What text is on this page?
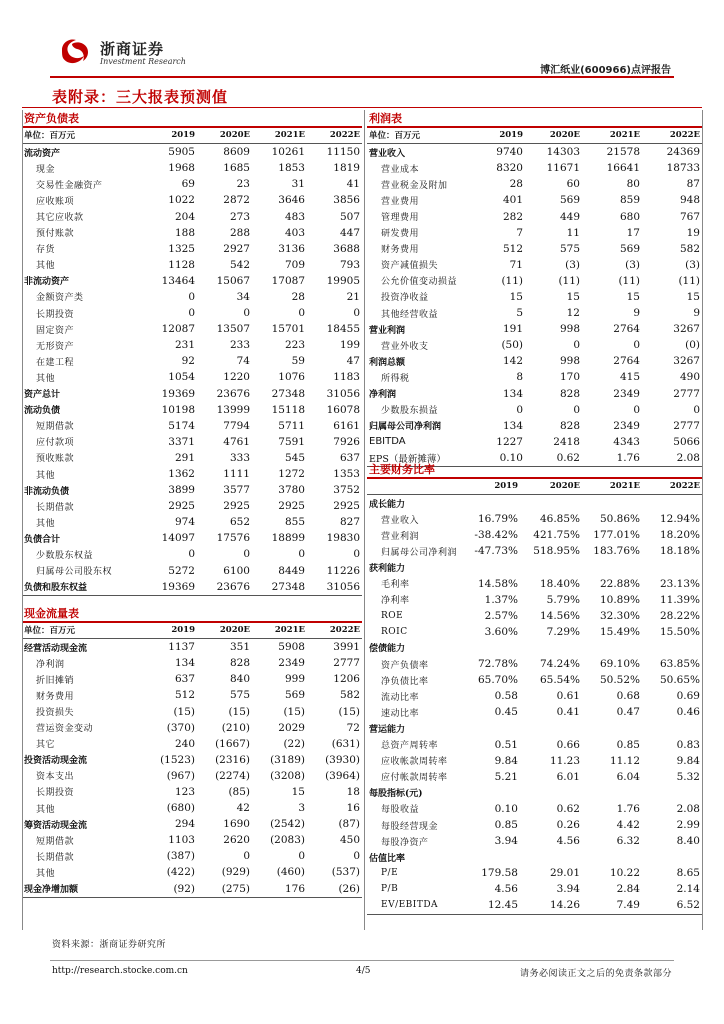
浙商证券
Investment Research
博汇纸业(600966)点评报告
表附录：三大报表预测值
资产负债表
单位：百万元	2019	2020E	2021E	2022E
流动资产	5905	8609	10261	11150
现金	1968	1685	1853	1819
交易性金融资产	69	23	31	41
应收账项	1022	2872	3646	3856
其它应收款	204	273	483	507
预付账款	188	288	403	447
存货	1325	2927	3136	3688
其他	1128	542	709	793
非流动资产	13464	15067	17087	19905
金额资产类	0	34	28	21
长期投资	0	0	0	0
固定资产	12087	13507	15701	18455
无形资产	231	233	223	199
在建工程	92	74	59	47
其他	1054	1220	1076	1183
资产总计	19369	23676	27348	31056
流动负债	10198	13999	15118	16078
短期借款	5174	7794	5711	6161
应付款项	3371	4761	7591	7926
预收账款	291	333	545	637
其他	1362	1111	1272	1353
非流动负债	3899	3577	3780	3752
长期借款	2925	2925	2925	2925
其他	974	652	855	827
负债合计	14097	17576	18899	19830
少数股东权益	0	0	0	0
归属母公司股东权	5272	6100	8449	11226
负债和股东权益	19369	23676	27348	31056
现金流量表
单位：百万元	2019	2020E	2021E	2022E
经营活动现金流	1137	351	5908	3991
净利润	134	828	2349	2777
折旧摊销	637	840	999	1206
财务费用	512	575	569	582
投资损失	(15)	(15)	(15)	(15)
营运资金变动	(370)	(210)	2029	72
其它	240	(1667)	(22)	(631)
投资活动现金流	(1523)	(2316)	(3189)	(3930)
资本支出	(967)	(2274)	(3208)	(3964)
长期投资	123	(85)	15	18
其他	(680)	42	3	16
筹资活动现金流	294	1690	(2542)	(87)
短期借款	1103	2620	(2083)	450
长期借款	(387)	0	0	0
其他	(422)	(929)	(460)	(537)
现金净增加额	(92)	(275)	176	(26)
利润表
单位：百万元	2019	2020E	2021E	2022E
营业收入	9740	14303	21578	24369
营业成本	8320	11671	16641	18733
营业税金及附加	28	60	80	87
营业费用	401	569	859	948
管理费用	282	449	680	767
研发费用	7	11	17	19
财务费用	512	575	569	582
资产减值损失	71	(3)	(3)	(3)
公允价值变动损益	(11)	(11)	(11)	(11)
投资净收益	15	15	15	15
其他经营收益	5	12	9	9
营业利润	191	998	2764	3267
营业外收支	(50)	0	0	(0)
利润总额	142	998	2764	3267
所得税	8	170	415	490
净利润	134	828	2349	2777
少数股东损益	0	0	0	0
归属母公司净利润	134	828	2349	2777
EBITDA	1227	2418	4343	5066
EPS（最新摊薄）	0.10	0.62	1.76	2.08
主要财务比率
	2019	2020E	2021E	2022E
成长能力				
营业收入	16.79%	46.85%	50.86%	12.94%
营业利润	-38.42%	421.75%	177.01%	18.20%
归属母公司净利润	-47.73%	518.95%	183.76%	18.18%
获利能力				
毛利率	14.58%	18.40%	22.88%	23.13%
净利率	1.37%	5.79%	10.89%	11.39%
ROE	2.57%	14.56%	32.30%	28.22%
ROIC	3.60%	7.29%	15.49%	15.50%
偿债能力				
资产负债率	72.78%	74.24%	69.10%	63.85%
净负债比率	65.70%	65.54%	50.52%	50.65%
流动比率	0.58	0.61	0.68	0.69
速动比率	0.45	0.41	0.47	0.46
营运能力				
总资产周转率	0.51	0.66	0.85	0.83
应收帐款周转率	9.84	11.23	11.12	9.84
应付帐款周转率	5.21	6.01	6.04	5.32
每股指标(元)				
每股收益	0.10	0.62	1.76	2.08
每股经营现金	0.85	0.26	4.42	2.99
每股净资产	3.94	4.56	6.32	8.40
估值比率				
P/E	179.58	29.01	10.22	8.65
P/B	4.56	3.94	2.84	2.14
EV/EBITDA	12.45	14.26	7.49	6.52
资料来源：浙商证券研究所
http://research.stocke.com.cn	4/5	请务必阅读正文之后的免责条款部分
